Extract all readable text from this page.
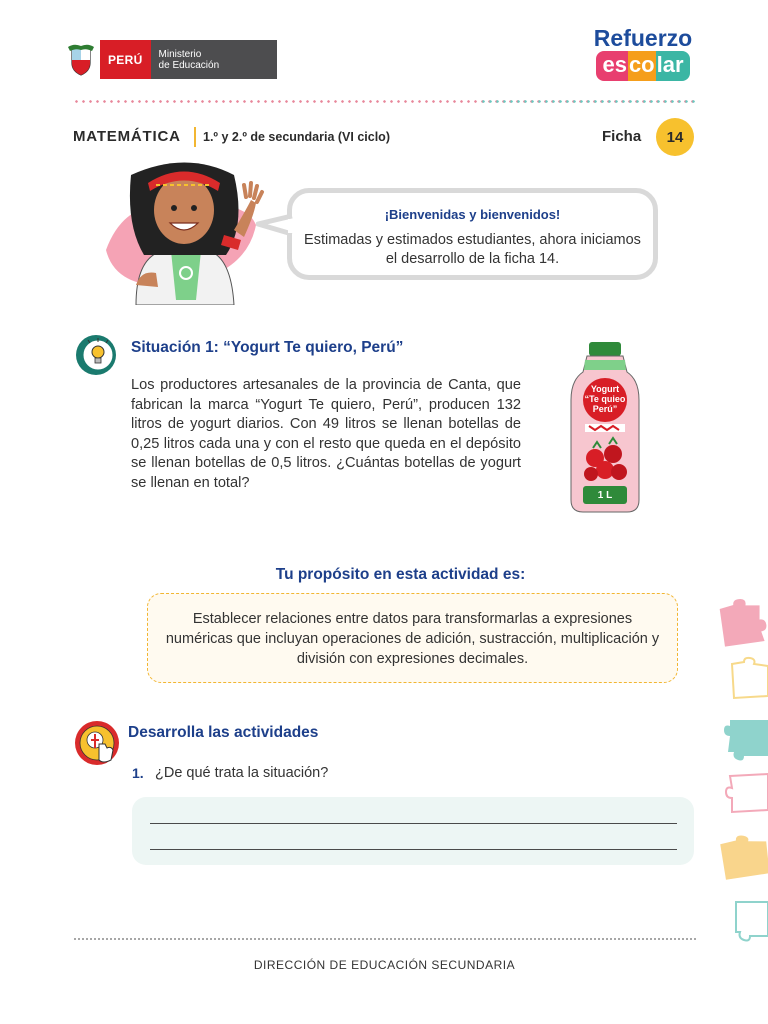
PERÚ	Ministerio
de Educación
Refuerzo
es co lar
MATEMÁTICA 1.º y 2.º de secundaria (VI ciclo)	Ficha	14
¡Bienvenidas y bienvenidos!
Estimadas y estimados estudiantes, ahora iniciamos el desarrollo de la ficha 14.
Situación 1: “Yogurt Te quiero, Perú”
Los productores artesanales de la provincia de Canta, que fabrican la marca “Yogurt Te quiero, Perú”, producen 132 litros de yogurt diarios. Con 49 litros se llenan botellas de 0,25 litros cada una y con el resto que queda en el depósito se llenan botellas de 0,5 litros. ¿Cuántas botellas de yogurt se llenan en total?
Yogurt
“Te quieo
Perú”
1 L
Tu propósito en esta actividad es:
Establecer relaciones entre datos para transformarlas a expresiones numéricas que incluyan operaciones de adición, sustracción, multiplicación y división con expresiones decimales.
Desarrolla las actividades
1. ¿De qué trata la situación?
DIRECCIÓN DE EDUCACIÓN SECUNDARIA
